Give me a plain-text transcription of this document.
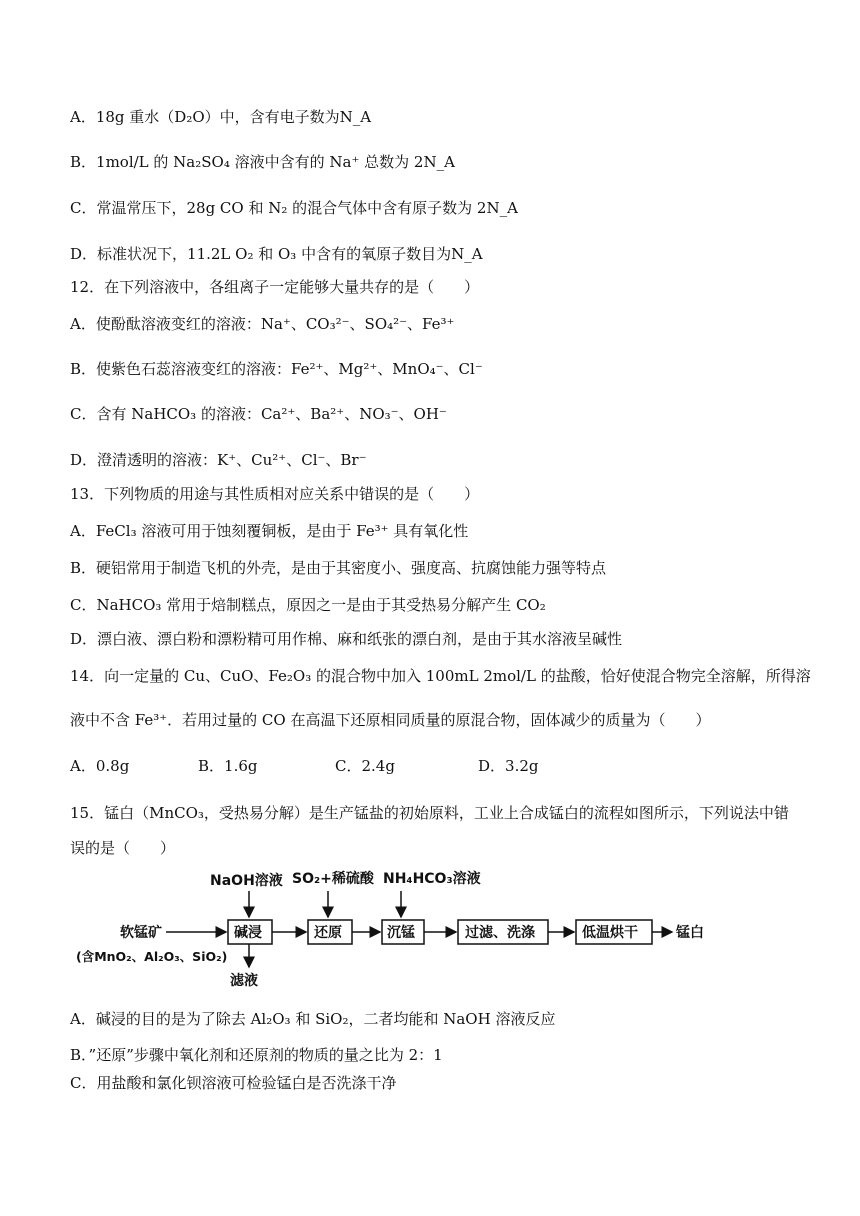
A．18g 重水（D₂O）中，含有电子数为N_A
B．1mol/L 的 Na₂SO₄ 溶液中含有的 Na⁺ 总数为 2N_A
C．常温常压下，28g CO 和 N₂ 的混合气体中含有原子数为 2N_A
D．标准状况下，11.2L O₂ 和 O₃ 中含有的氧原子数目为N_A
12．在下列溶液中，各组离子一定能够大量共存的是（　　）
A．使酚酞溶液变红的溶液：Na⁺、CO₃²⁻、SO₄²⁻、Fe³⁺
B．使紫色石蕊溶液变红的溶液：Fe²⁺、Mg²⁺、MnO₄⁻、Cl⁻
C．含有 NaHCO₃ 的溶液：Ca²⁺、Ba²⁺、NO₃⁻、OH⁻
D．澄清透明的溶液：K⁺、Cu²⁺、Cl⁻、Br⁻
13．下列物质的用途与其性质相对应关系中错误的是（　　）
A．FeCl₃ 溶液可用于蚀刻覆铜板，是由于 Fe³⁺ 具有氧化性
B．硬铝常用于制造飞机的外壳，是由于其密度小、强度高、抗腐蚀能力强等特点
C．NaHCO₃ 常用于焙制糕点，原因之一是由于其受热易分解产生 CO₂
D．漂白液、漂白粉和漂粉精可用作棉、麻和纸张的漂白剂，是由于其水溶液呈碱性
14．向一定量的 Cu、CuO、Fe₂O₃ 的混合物中加入 100mL 2mol/L 的盐酸，恰好使混合物完全溶解，所得溶
液中不含 Fe³⁺．若用过量的 CO 在高温下还原相同质量的原混合物，固体减少的质量为（　　）
A．0.8g	B．1.6g	C．2.4g	D．3.2g
15．锰白（MnCO₃，受热易分解）是生产锰盐的初始原料，工业上合成锰白的流程如图所示，下列说法中错
误的是（　　）
NaOH溶液 SO₂+稀硫酸 NH₄HCO₃溶液
软锰矿
(含MnO₂、Al₂O₃、SiO₂)
碱浸	还原	沉锰	过滤、洗涤	低温烘干	锰白
滤液
A．碱浸的目的是为了除去 Al₂O₃ 和 SiO₂，二者均能和 NaOH 溶液反应
B．”还原”步骤中氧化剂和还原剂的物质的量之比为 2：1
C．用盐酸和氯化钡溶液可检验锰白是否洗涤干净
